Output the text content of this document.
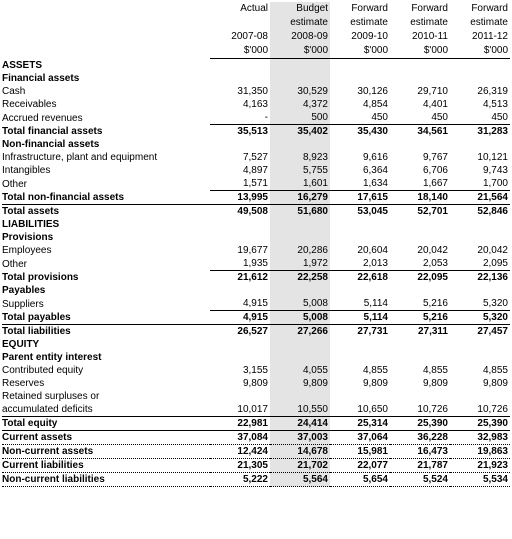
	Actual	Budget	Forward	Forward	Forward
		estimate	estimate	estimate	estimate
	2007-08	2008-09	2009-10	2010-11	2011-12
	$'000	$'000	$'000	$'000	$'000
ASSETS					
Financial assets					
Cash	31,350	30,529	30,126	29,710	26,319
Receivables	4,163	4,372	4,854	4,401	4,513
Accrued revenues	-	500	450	450	450
Total financial assets	35,513	35,402	35,430	34,561	31,283
Non-financial assets					
Infrastructure, plant and equipment	7,527	8,923	9,616	9,767	10,121
Intangibles	4,897	5,755	6,364	6,706	9,743
Other	1,571	1,601	1,634	1,667	1,700
Total non-financial assets	13,995	16,279	17,615	18,140	21,564
Total assets	49,508	51,680	53,045	52,701	52,846
LIABILITIES					
Provisions					
Employees	19,677	20,286	20,604	20,042	20,042
Other	1,935	1,972	2,013	2,053	2,095
Total provisions	21,612	22,258	22,618	22,095	22,136
Payables					
Suppliers	4,915	5,008	5,114	5,216	5,320
Total payables	4,915	5,008	5,114	5,216	5,320
Total liabilities	26,527	27,266	27,731	27,311	27,457
EQUITY					
Parent entity interest					
Contributed equity	3,155	4,055	4,855	4,855	4,855
Reserves	9,809	9,809	9,809	9,809	9,809
Retained surpluses or					
accumulated deficits	10,017	10,550	10,650	10,726	10,726
Total equity	22,981	24,414	25,314	25,390	25,390
Current assets	37,084	37,003	37,064	36,228	32,983
Non-current assets	12,424	14,678	15,981	16,473	19,863
Current liabilities	21,305	21,702	22,077	21,787	21,923
Non-current liabilities	5,222	5,564	5,654	5,524	5,534
